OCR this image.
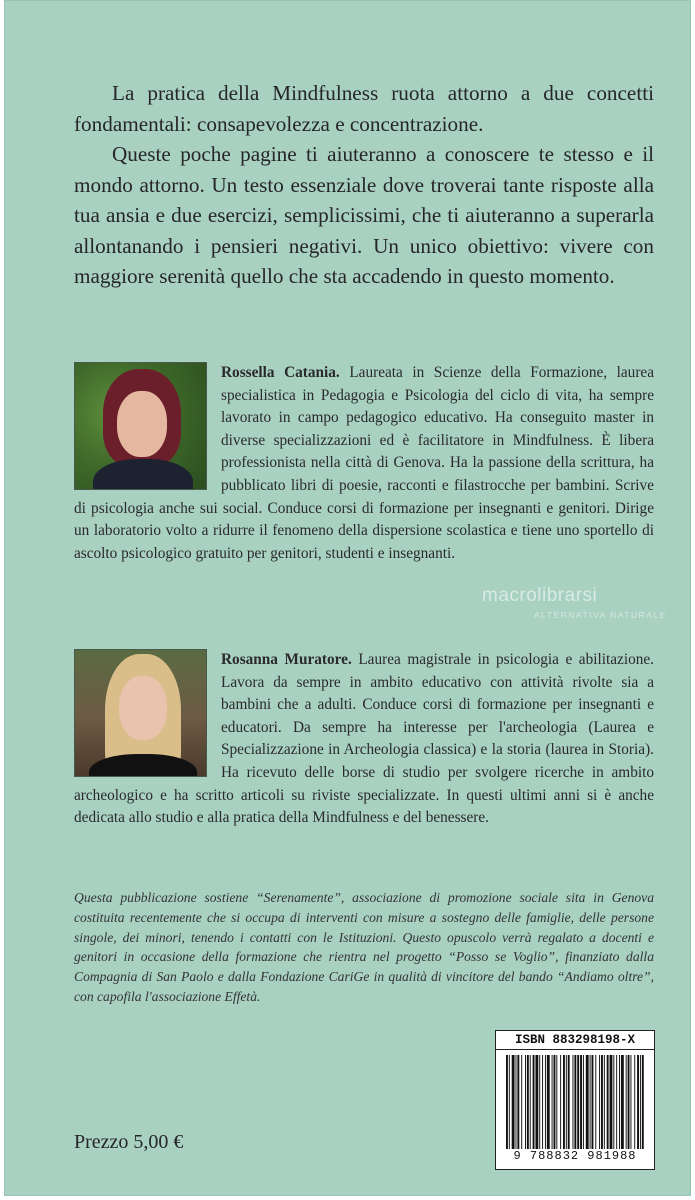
La pratica della Mindfulness ruota attorno a due concetti fondamentali: consapevolezza e concentrazione.

Queste poche pagine ti aiuteranno a conoscere te stesso e il mondo attorno. Un testo essenziale dove troverai tante risposte alla tua ansia e due esercizi, semplicissimi, che ti aiuteranno a superarla allontanando i pensieri negativi. Un unico obiettivo: vivere con maggiore serenità quello che sta accadendo in questo momento.

Rossella Catania. Laureata in Scienze della Formazione, laurea specialistica in Pedagogia e Psicologia del ciclo di vita, ha sempre lavorato in campo pedagogico educativo. Ha conseguito master in diverse specializzazioni ed è facilitatore in Mindfulness. È libera professionista nella città di Genova. Ha la passione della scrittura, ha pubblicato libri di poesie, racconti e filastrocche per bambini. Scrive di psicologia anche sui social. Conduce corsi di formazione per insegnanti e genitori. Dirige un laboratorio volto a ridurre il fenomeno della dispersione scolastica e tiene uno sportello di ascolto psicologico gratuito per genitori, studenti e insegnanti.

macrolibrarsi
ALTERNATIVA NATURALE

Rosanna Muratore. Laurea magistrale in psicologia e abilitazione. Lavora da sempre in ambito educativo con attività rivolte sia a bambini che a adulti. Conduce corsi di formazione per insegnanti e educatori. Da sempre ha interesse per l'archeologia (Laurea e Specializzazione in Archeologia classica) e la storia (laurea in Storia). Ha ricevuto delle borse di studio per svolgere ricerche in ambito archeologico e ha scritto articoli su riviste specializzate. In questi ultimi anni si è anche dedicata allo studio e alla pratica della Mindfulness e del benessere.

Questa pubblicazione sostiene “Serenamente”, associazione di promozione sociale sita in Genova costituita recentemente che si occupa di interventi con misure a sostegno delle famiglie, delle persone singole, dei minori, tenendo i contatti con le Istituzioni. Questo opuscolo verrà regalato a docenti e genitori in occasione della formazione che rientra nel progetto “Posso se Voglio”, finanziato dalla Compagnia di San Paolo e dalla Fondazione CariGe in qualità di vincitore del bando “Andiamo oltre”, con capofila l'associazione Effetà.
ISBN 883298198-X
9 788832 981988
Prezzo 5,00 €
